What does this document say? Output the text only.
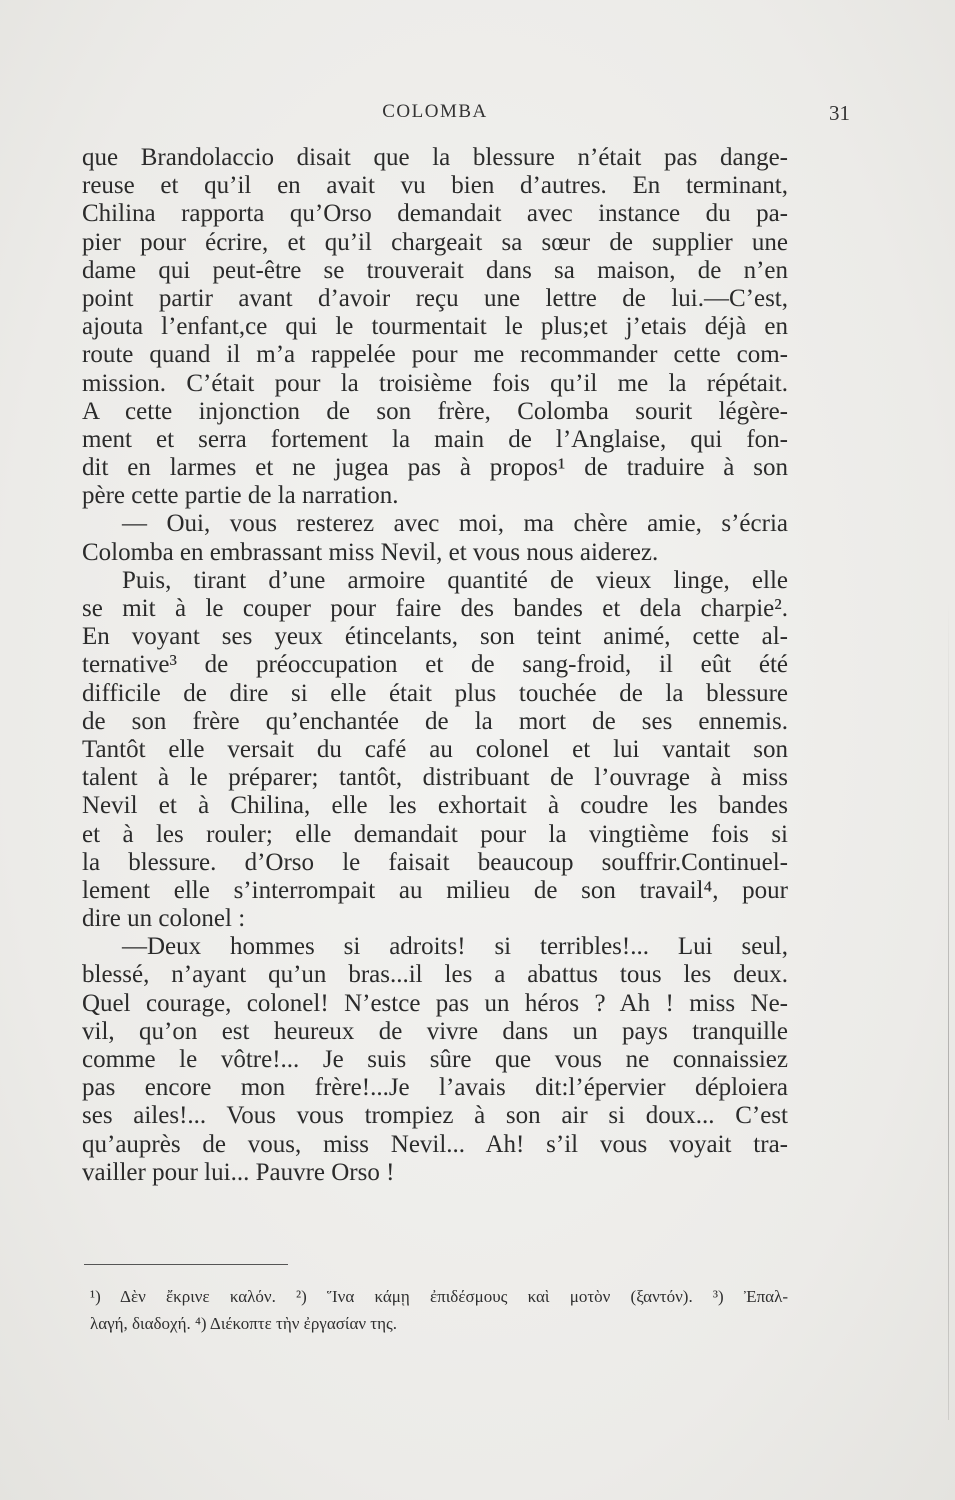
COLOMBA	31
que Brandolaccio disait que la blessure n’était pas dange-
reuse et qu’il en avait vu bien d’autres. En terminant,
Chilina rapporta qu’Orso demandait avec instance du pa-
pier pour écrire, et qu’il chargeait sa sœur de supplier une
dame qui peut-être se trouverait dans sa maison, de n’en
point partir avant d’avoir reçu une lettre de lui.—C’est,
ajouta l’enfant,ce qui le tourmentait le plus;et j’etais déjà en
route quand il m’a rappelée pour me recommander cette com-
mission. C’était pour la troisième fois qu’il me la répétait.
A cette injonction de son frère, Colomba sourit légère-
ment et serra fortement la main de l’Anglaise, qui fon-
dit en larmes et ne jugea pas à propos¹ de traduire à son
père cette partie de la narration.
— Oui, vous resterez avec moi, ma chère amie, s’écria
Colomba en embrassant miss Nevil, et vous nous aiderez.
Puis, tirant d’une armoire quantité de vieux linge, elle
se mit à le couper pour faire des bandes et dela charpie².
En voyant ses yeux étincelants, son teint animé, cette al-
ternative³ de préoccupation et de sang-froid, il eût été
difficile de dire si elle était plus touchée de la blessure
de son frère qu’enchantée de la mort de ses ennemis.
Tantôt elle versait du café au colonel et lui vantait son
talent à le préparer; tantôt, distribuant de l’ouvrage à miss
Nevil et à Chilina, elle les exhortait à coudre les bandes
et à les rouler; elle demandait pour la vingtième fois si
la blessure. d’Orso le faisait beaucoup souffrir.Continuel-
lement elle s’interrompait au milieu de son travail⁴, pour
dire un colonel :
—Deux hommes si adroits! si terribles!... Lui seul,
blessé, n’ayant qu’un bras...il les a abattus tous les deux.
Quel courage, colonel! N’estce pas un héros ? Ah ! miss Ne-
vil, qu’on est heureux de vivre dans un pays tranquille
comme le vôtre!... Je suis sûre que vous ne connaissiez
pas encore mon frère!...Je l’avais dit:l’épervier déploiera
ses ailes!... Vous vous trompiez à son air si doux... C’est
qu’auprès de vous, miss Nevil... Ah! s’il vous voyait tra-
vailler pour lui... Pauvre Orso !
¹) Δὲν ἔκρινε καλόν. ²) Ἵνα κάμῃ ἐπιδέσμους καὶ μοτὸν (ξαντόν). ³) Ἐπαλ-
λαγή, διαδοχή. ⁴) Διέκοπτε τὴν ἐργασίαν της.
